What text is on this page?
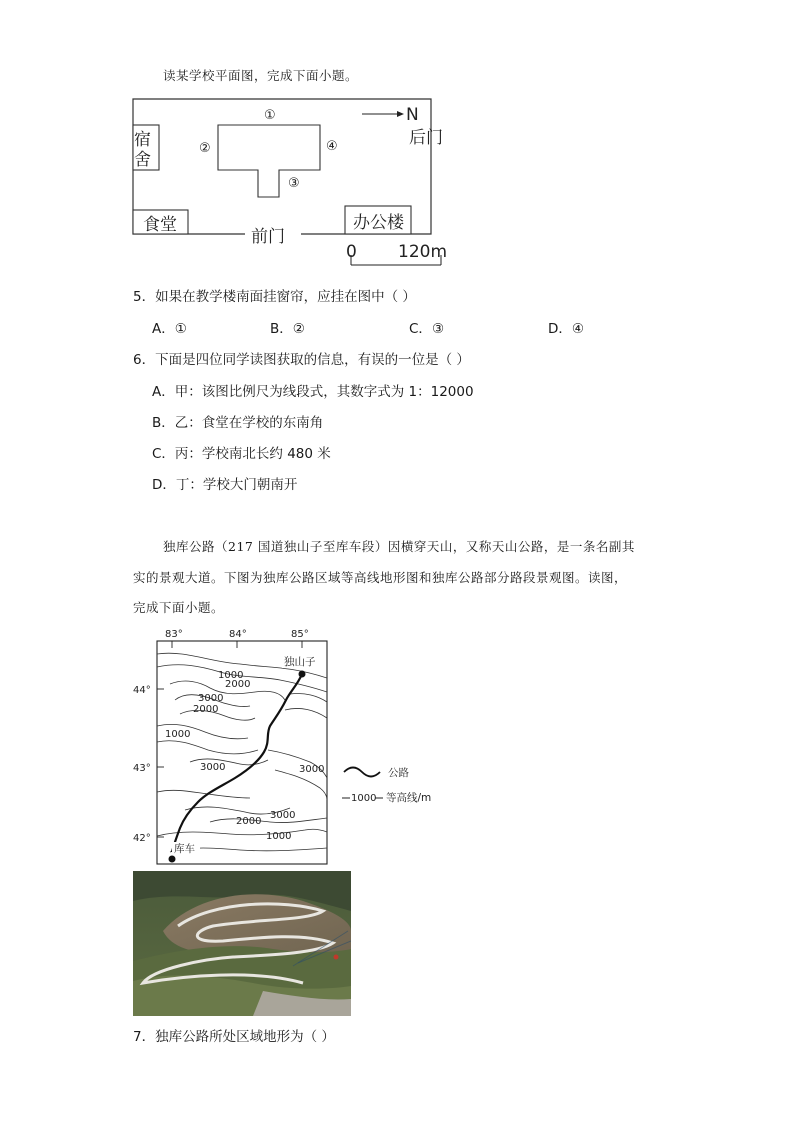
读某学校平面图，完成下面小题。
宿
舍
食堂	办公楼
①
②
③
④
N
后门
前门
0 120m
5．如果在教学楼南面挂窗帘，应挂在图中（ ）
A．①	B．②	C．③	D．④
6．下面是四位同学读图获取的信息，有误的一位是（ ）
A．甲：该图比例尺为线段式，其数字式为 1：12000
B．乙：食堂在学校的东南角
C．丙：学校南北长约 480 米
D．丁：学校大门朝南开
独库公路（217 国道独山子至库车段）因横穿天山，又称天山公路，是一条名副其
实的景观大道。下图为独库公路区域等高线地形图和独库公路部分路段景观图。读图，
完成下面小题。
83°	84°	85°
44°
43°
42°
1000
2000
3000
2000
1000
3000	3000
2000
3000
1000
独山子
库车
公路
1000 等高线/m
7．独库公路所处区域地形为（ ）
